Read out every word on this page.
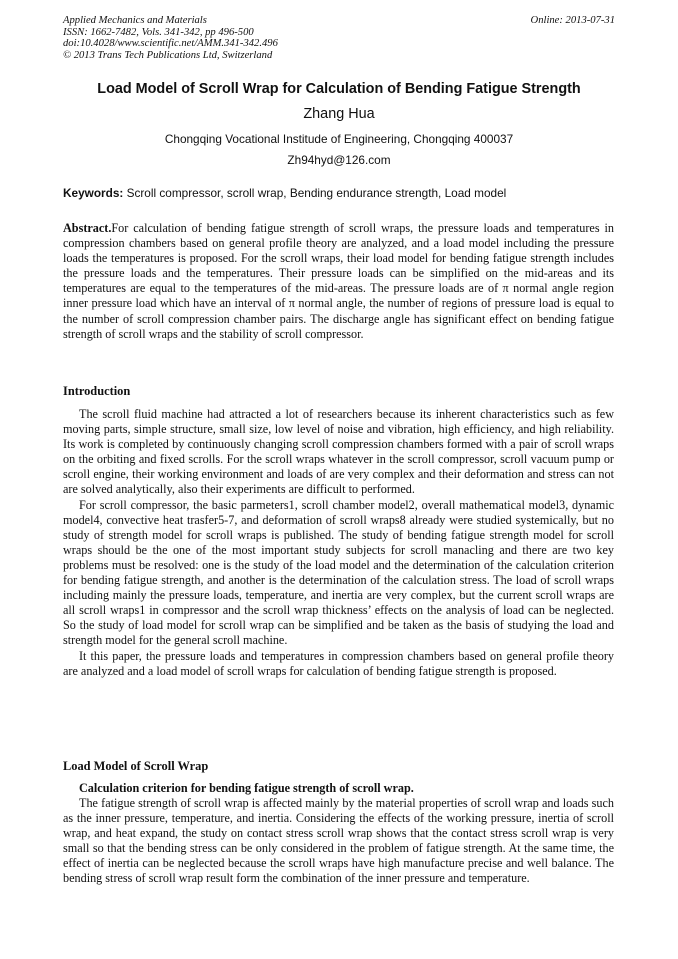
Applied Mechanics and Materials
ISSN: 1662-7482, Vols. 341-342, pp 496-500
doi:10.4028/www.scientific.net/AMM.341-342.496
© 2013 Trans Tech Publications Ltd, Switzerland
Online: 2013-07-31
Load Model of Scroll Wrap for Calculation of Bending Fatigue Strength
Zhang Hua
Chongqing Vocational Institude of Engineering, Chongqing 400037
Zh94hyd@126.com
Keywords: Scroll compressor, scroll wrap, Bending endurance strength, Load model
Abstract.For calculation of bending fatigue strength of scroll wraps, the pressure loads and temperatures in compression chambers based on general profile theory are analyzed, and a load model including the pressure loads the temperatures is proposed. For the scroll wraps, their load model for bending fatigue strength includes the pressure loads and the temperatures. Their pressure loads can be simplified on the mid-areas and its temperatures are equal to the temperatures of the mid-areas. The pressure loads are of π normal angle region inner pressure load which have an interval of π normal angle, the number of regions of pressure load is equal to the number of scroll compression chamber pairs. The discharge angle has significant effect on bending fatigue strength of scroll wraps and the stability of scroll compressor.
Introduction

The scroll fluid machine had attracted a lot of researchers because its inherent characteristics such as few moving parts, simple structure, small size, low level of noise and vibration, high efficiency, and high reliability. Its work is completed by continuously changing scroll compression chambers formed with a pair of scroll wraps on the orbiting and fixed scrolls. For the scroll wraps whatever in the scroll compressor, scroll vacuum pump or scroll engine, their working environment and loads of are very complex and their deformation and stress can not are solved analytically, also their experiments are difficult to performed.

For scroll compressor, the basic parmeters1, scroll chamber model2, overall mathematical model3, dynamic model4, convective heat trasfer5-7, and deformation of scroll wraps8 already were studied systemically, but no study of strength model for scroll wraps is published. The study of bending fatigue strength model for scroll wraps should be the one of the most important study subjects for scroll manacling and there are two key problems must be resolved: one is the study of the load model and the determination of the calculation criterion for bending fatigue strength, and another is the determination of the calculation stress. The load of scroll wraps including mainly the pressure loads, temperature, and inertia are very complex, but the current scroll wraps are all scroll wraps1 in compressor and the scroll wrap thickness’ effects on the analysis of load can be neglected. So the study of load model for scroll wrap can be simplified and be taken as the basis of studying the load and strength model for the general scroll machine.

It this paper, the pressure loads and temperatures in compression chambers based on general profile theory are analyzed and a load model of scroll wraps for calculation of bending fatigue strength is proposed.

Load Model of Scroll Wrap
Calculation criterion for bending fatigue strength of scroll wrap.

The fatigue strength of scroll wrap is affected mainly by the material properties of scroll wrap and loads such as the inner pressure, temperature, and inertia. Considering the effects of the working pressure, inertia of scroll wrap, and heat expand, the study on contact stress scroll wrap shows that the contact stress scroll wrap is very small so that the bending stress can be only considered in the problem of fatigue strength. At the same time, the effect of inertia can be neglected because the scroll wraps have high manufacture precise and well balance. The bending stress of scroll wrap result form the combination of the inner pressure and temperature.
